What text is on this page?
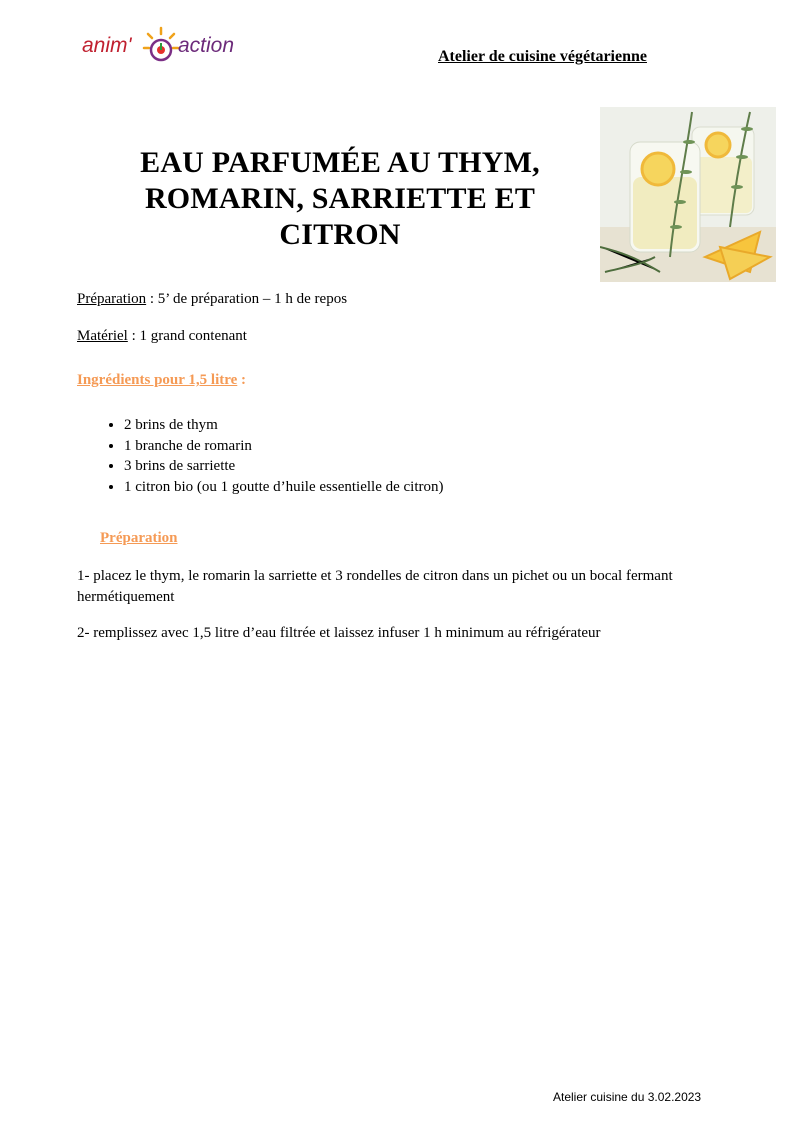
anim' action	Atelier de cuisine végétarienne
EAU PARFUMÉE AU THYM,
ROMARIN, SARRIETTE ET
CITRON
Préparation : 5’ de préparation – 1 h de repos
Matériel : 1 grand contenant
Ingrédients pour 1,5 litre :
• 2 brins de thym
• 1 branche de romarin
• 3 brins de sarriette
• 1 citron bio (ou 1 goutte d’huile essentielle de citron)
Préparation
1- placez le thym, le romarin la sarriette et 3 rondelles de citron dans un pichet ou un bocal fermant hermétiquement
2- remplissez avec 1,5 litre d’eau filtrée et laissez infuser 1 h minimum au réfrigérateur
Atelier cuisine du 3.02.2023
